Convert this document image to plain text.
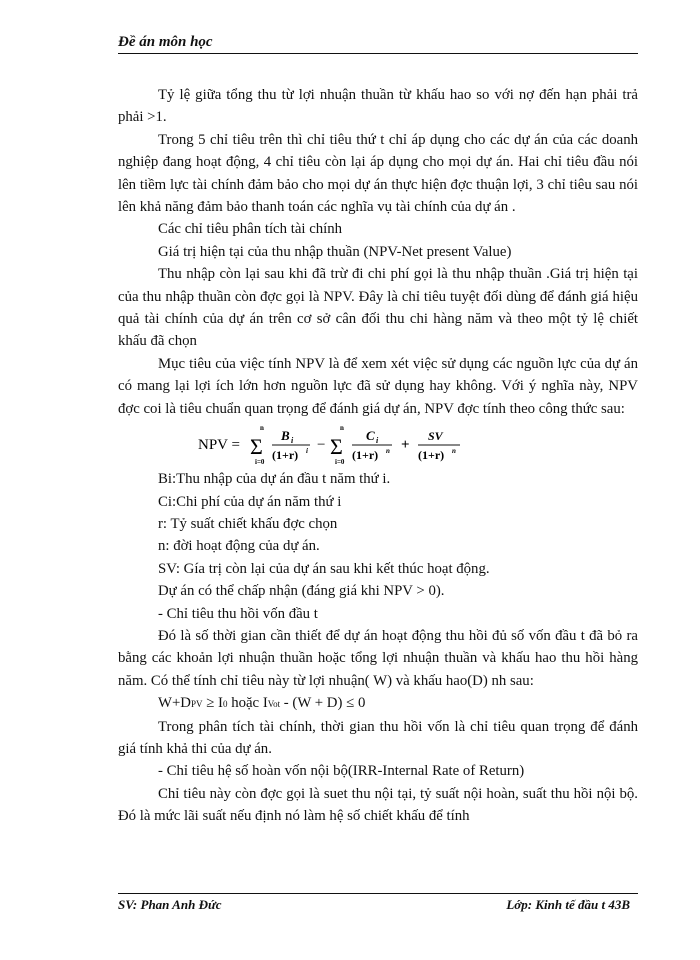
Đề án môn học

Tỷ lệ giữa tổng thu từ lợi nhuận thuần từ khấu hao so với nợ đến hạn phải trả phải >1.

Trong 5 chỉ tiêu trên thì chỉ tiêu thứ t chỉ áp dụng cho các dự án của các doanh nghiệp đang hoạt động, 4 chỉ tiêu còn lại áp dụng cho mọi dự án. Hai chỉ tiêu đầu nói lên tiềm lực tài chính đảm bảo cho mọi dự án thực hiện đợc thuận lợi, 3 chỉ tiêu sau nói lên khả năng đảm bảo thanh toán các nghĩa vụ tài chính của dự án .

Các chỉ tiêu phân tích tài chính

Giá trị hiện tại của thu nhập thuần (NPV-Net present Value)

Thu nhập còn lại sau khi đã trừ đi chi phí gọi là thu nhập thuần .Giá trị hiện tại của thu nhập thuần còn đợc gọi là NPV. Đây là chỉ tiêu tuyệt đối dùng để đánh giá hiệu quả tài chính của dự án trên cơ sở cân đối thu chi hàng năm và theo một tỷ lệ chiết khấu đã chọn

Mục tiêu của việc tính NPV là để xem xét việc sử dụng các nguồn lực của dự án có mang lại lợi ích lớn hơn nguồn lực đã sử dụng hay không. Với ý nghĩa này, NPV đợc coi là tiêu chuẩn quan trọng để đánh giá dự án, NPV đợc tính theo công thức sau:

NPV =
n
Σ
i=0
B i
(1+r) i −
n
Σ
i=0
C i
(1+r) n +
SV
(1+r) n

Bi:Thu nhập của dự án đầu t năm thứ i.

Ci:Chi phí của dự án năm thứ i

r: Tỷ suất chiết khấu đợc chọn

n: đời hoạt động của dự án.

SV: Gía trị còn lại của dự án sau khi kết thúc hoạt động.

Dự án có thể chấp nhận (đáng giá khi NPV > 0).

- Chỉ tiêu thu hồi vốn đầu t

Đó là số thời gian cần thiết để dự án hoạt động thu hồi đủ số vốn đầu t đã bỏ ra bằng các khoản lợi nhuận thuần hoặc tổng lợi nhuận thuần và khấu hao thu hồi hàng năm. Có thể tính chỉ tiêu này từ lợi nhuận( W) và khấu hao(D) nh sau:

W+DPV ≥ I0 hoặc IVot - (W + D) ≤ 0

Trong phân tích tài chính, thời gian thu hồi vốn là chỉ tiêu quan trọng để đánh giá tính khả thi của dự án.

- Chỉ tiêu hệ số hoàn vốn nội bộ(IRR-Internal Rate of Return)

Chỉ tiêu này còn đợc gọi là suet thu nội tại, tỷ suất nội hoàn, suất thu hồi nội bộ. Đó là mức lãi suất nếu định nó làm hệ số chiết khấu để tính

SV: Phan Anh Đức	Lớp: Kinh tế đầu t 43B
